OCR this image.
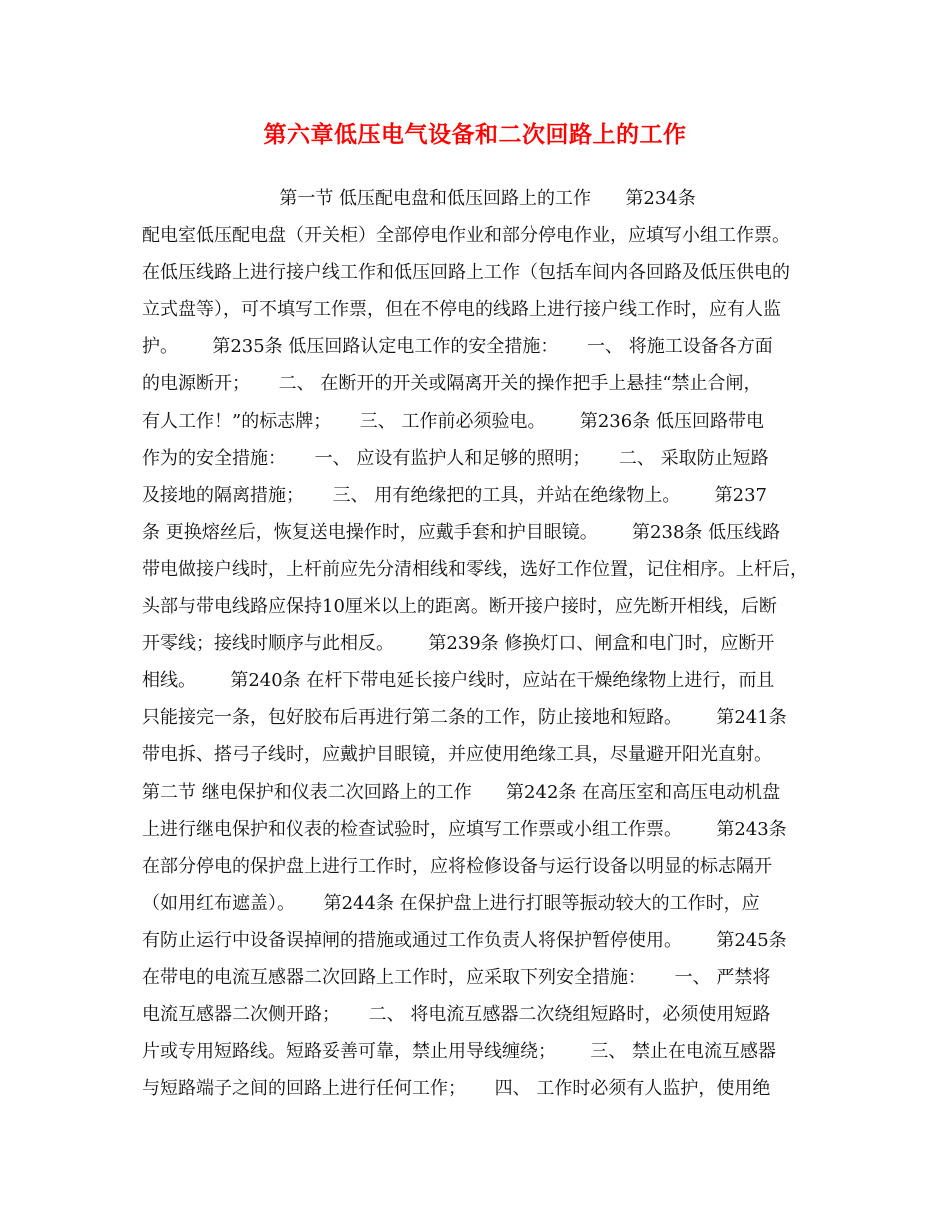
第六章低压电气设备和二次回路上的工作
第一节 低压配电盘和低压回路上的工作      第234条
配电室低压配电盘（开关柜）全部停电作业和部分停电作业，应填写小组工作票。
在低压线路上进行接户线工作和低压回路上工作（包括车间内各回路及低压供电的
立式盘等），可不填写工作票，但在不停电的线路上进行接户线工作时，应有人监
护。      第235条 低压回路认定电工作的安全措施：     一、 将施工设备各方面
的电源断开；     二、 在断开的开关或隔离开关的操作把手上悬挂“禁止合闸，
有人工作！”的标志牌；     三、 工作前必须验电。      第236条 低压回路带电
作为的安全措施：     一、 应设有监护人和足够的照明；     二、 采取防止短路
及接地的隔离措施；     三、 用有绝缘把的工具，并站在绝缘物上。      第237
条 更换熔丝后，恢复送电操作时，应戴手套和护目眼镜。      第238条 低压线路
带电做接户线时，上杆前应先分清相线和零线，选好工作位置，记住相序。上杆后，
头部与带电线路应保持10厘米以上的距离。断开接户接时，应先断开相线，后断
开零线；接线时顺序与此相反。      第239条 修换灯口、闸盒和电门时，应断开
相线。      第240条 在杆下带电延长接户线时，应站在干燥绝缘物上进行，而且
只能接完一条，包好胶布后再进行第二条的工作，防止接地和短路。      第241条
带电拆、搭弓子线时，应戴护目眼镜，并应使用绝缘工具，尽量避开阳光直射。
第二节 继电保护和仪表二次回路上的工作      第242条 在高压室和高压电动机盘
上进行继电保护和仪表的检查试验时，应填写工作票或小组工作票。      第243条
在部分停电的保护盘上进行工作时，应将检修设备与运行设备以明显的标志隔开
（如用红布遮盖）。     第244条 在保护盘上进行打眼等振动较大的工作时，应
有防止运行中设备误掉闸的措施或通过工作负责人将保护暂停使用。      第245条
在带电的电流互感器二次回路上工作时，应采取下列安全措施：     一、 严禁将
电流互感器二次侧开路；     二、 将电流互感器二次绕组短路时，必须使用短路
片或专用短路线。短路妥善可靠，禁止用导线缠绕；      三、 禁止在电流互感器
与短路端子之间的回路上进行任何工作；     四、 工作时必须有人监护，使用绝
